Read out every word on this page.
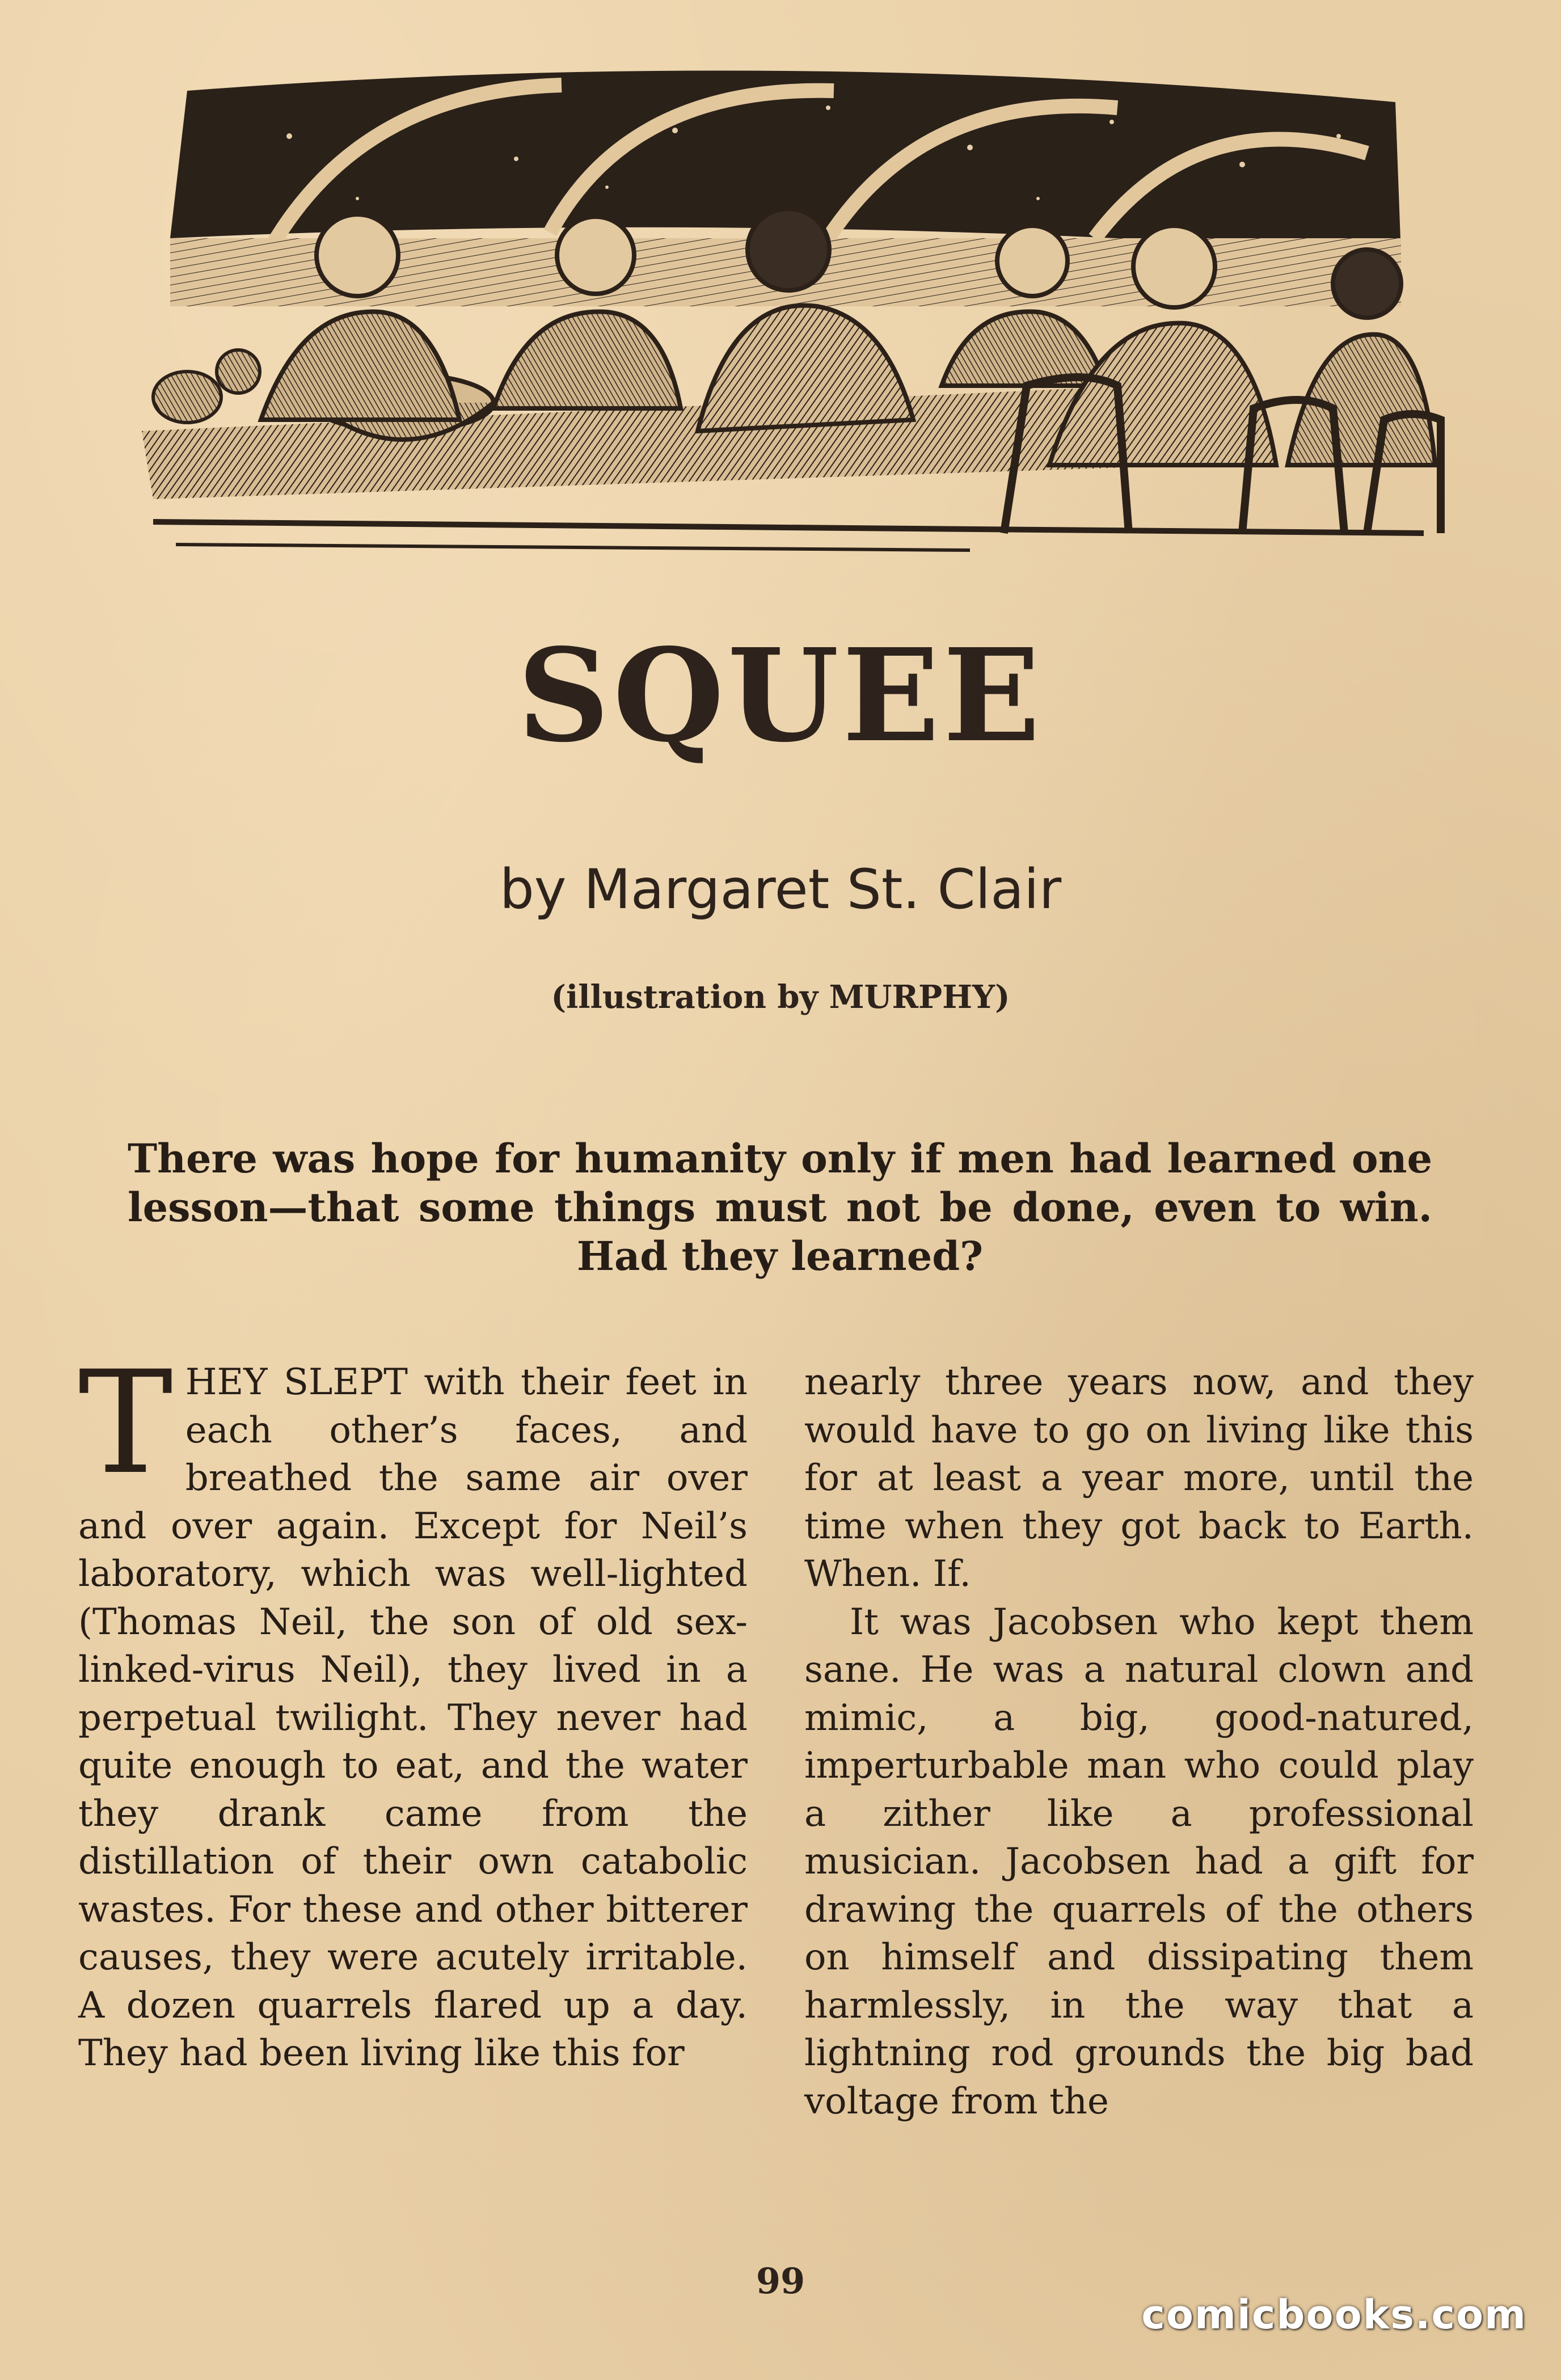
SQUEE
by Margaret St. Clair
(illustration by MURPHY)
There was hope for humanity only if men had learned one lesson—that some things must not be done, even to win. Had they learned?

THEY SLEPT with their feet in each other’s faces, and breathed the same air over and over again. Except for Neil’s laboratory, which was well-lighted (Thomas Neil, the son of old sex-linked-virus Neil), they lived in a perpetual twilight. They never had quite enough to eat, and the water they drank came from the distillation of their own catabolic wastes. For these and other bitterer causes, they were acutely irritable. A dozen quarrels flared up a day. They had been living like this for

nearly three years now, and they would have to go on living like this for at least a year more, until the time when they got back to Earth. When. If.

It was Jacobsen who kept them sane. He was a natural clown and mimic, a big, good-natured, imperturbable man who could play a zither like a professional musician. Jacobsen had a gift for drawing the quarrels of the others on himself and dissipating them harmlessly, in the way that a lightning rod grounds the big bad voltage from the

99
comicbooks.com
